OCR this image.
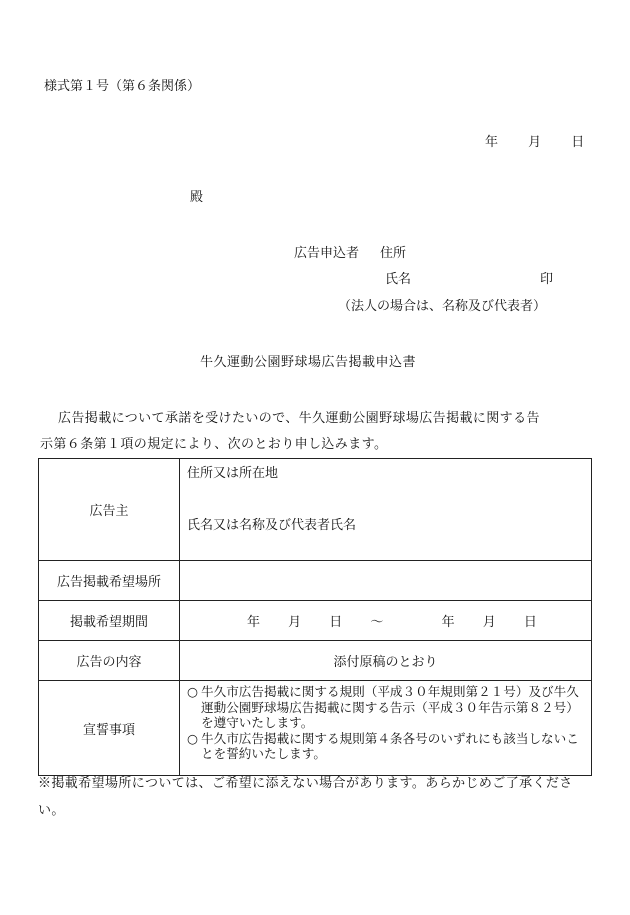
様式第１号（第６条関係）
年 月 日
殿
広告申込者 住所
氏名	印
（法人の場合は、名称及び代表者）
牛久運動公園野球場広告掲載申込書

広告掲載について承諾を受けたいので、牛久運動公園野球場広告掲載に関する告

示第６条第１項の規定により、次のとおり申し込みます。

広告主	住所又は所在地
氏名又は名称及び代表者氏名

広告掲載希望場所	
掲載希望期間	年 月 日 ～ 年 月 日
広告の内容	添付原稿のとおり
宣誓事項	○ 牛久市広告掲載に関する規則（平成３０年規則第２１号）及び牛久運動公園野球場広告掲載に関する告示（平成３０年告示第８２号）を遵守いたします。
○ 牛久市広告掲載に関する規則第４条各号のいずれにも該当しないことを誓約いたします。
※掲載希望場所については、ご希望に添えない場合があります。あらかじめご了承ください。
